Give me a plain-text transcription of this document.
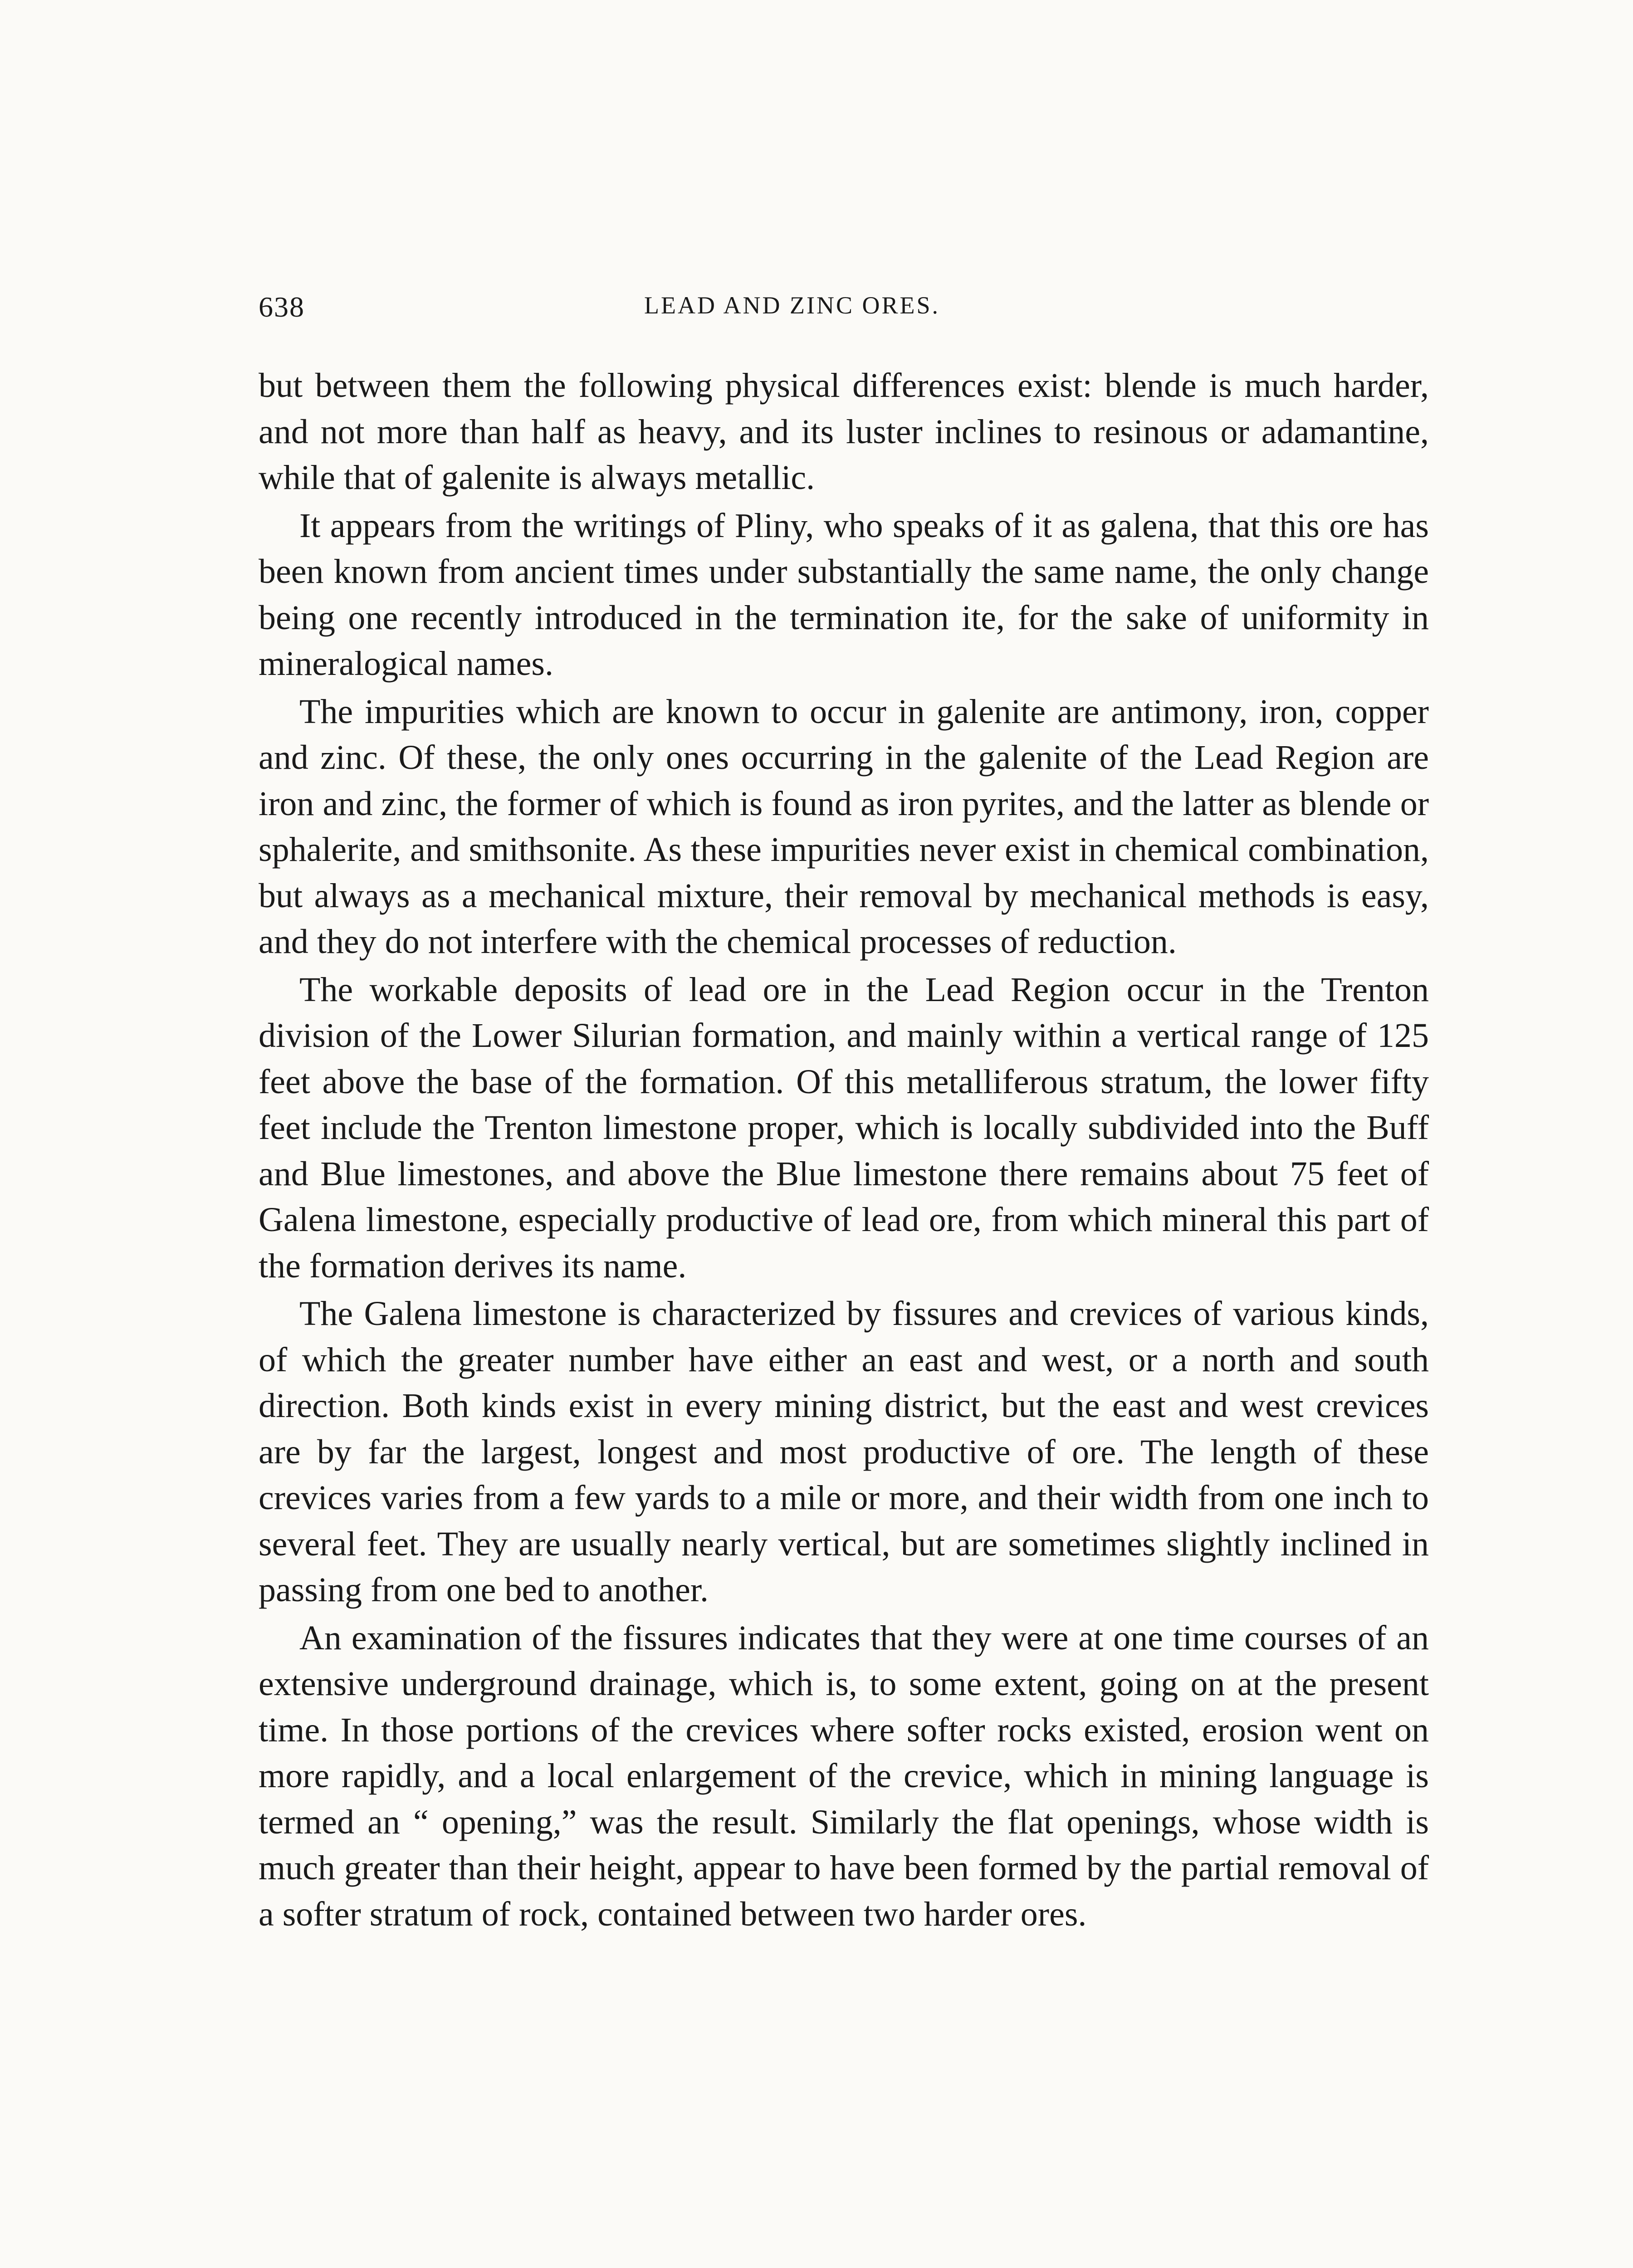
638	LEAD AND ZINC ORES.

but between them the following physical differences exist: blende is much harder, and not more than half as heavy, and its luster inclines to resinous or adamantine, while that of galenite is always metallic.

It appears from the writings of Pliny, who speaks of it as galena, that this ore has been known from ancient times under substantially the same name, the only change being one recently introduced in the termination ite, for the sake of uniformity in mineralogical names.

The impurities which are known to occur in galenite are antimony, iron, copper and zinc. Of these, the only ones occurring in the galenite of the Lead Region are iron and zinc, the former of which is found as iron pyrites, and the latter as blende or sphalerite, and smithsonite. As these impurities never exist in chemical combination, but always as a mechanical mixture, their removal by mechanical methods is easy, and they do not interfere with the chemical processes of reduction.

The workable deposits of lead ore in the Lead Region occur in the Trenton division of the Lower Silurian formation, and mainly within a vertical range of 125 feet above the base of the formation. Of this metalliferous stratum, the lower fifty feet include the Trenton limestone proper, which is locally subdivided into the Buff and Blue limestones, and above the Blue limestone there remains about 75 feet of Galena limestone, especially productive of lead ore, from which mineral this part of the formation derives its name.

The Galena limestone is characterized by fissures and crevices of various kinds, of which the greater number have either an east and west, or a north and south direction. Both kinds exist in every mining district, but the east and west crevices are by far the largest, longest and most productive of ore. The length of these crevices varies from a few yards to a mile or more, and their width from one inch to several feet. They are usually nearly vertical, but are sometimes slightly inclined in passing from one bed to another.

An examination of the fissures indicates that they were at one time courses of an extensive underground drainage, which is, to some extent, going on at the present time. In those portions of the crevices where softer rocks existed, erosion went on more rapidly, and a local enlargement of the crevice, which in mining language is termed an “ opening,” was the result. Similarly the flat openings, whose width is much greater than their height, appear to have been formed by the partial removal of a softer stratum of rock, contained between two harder ores.
